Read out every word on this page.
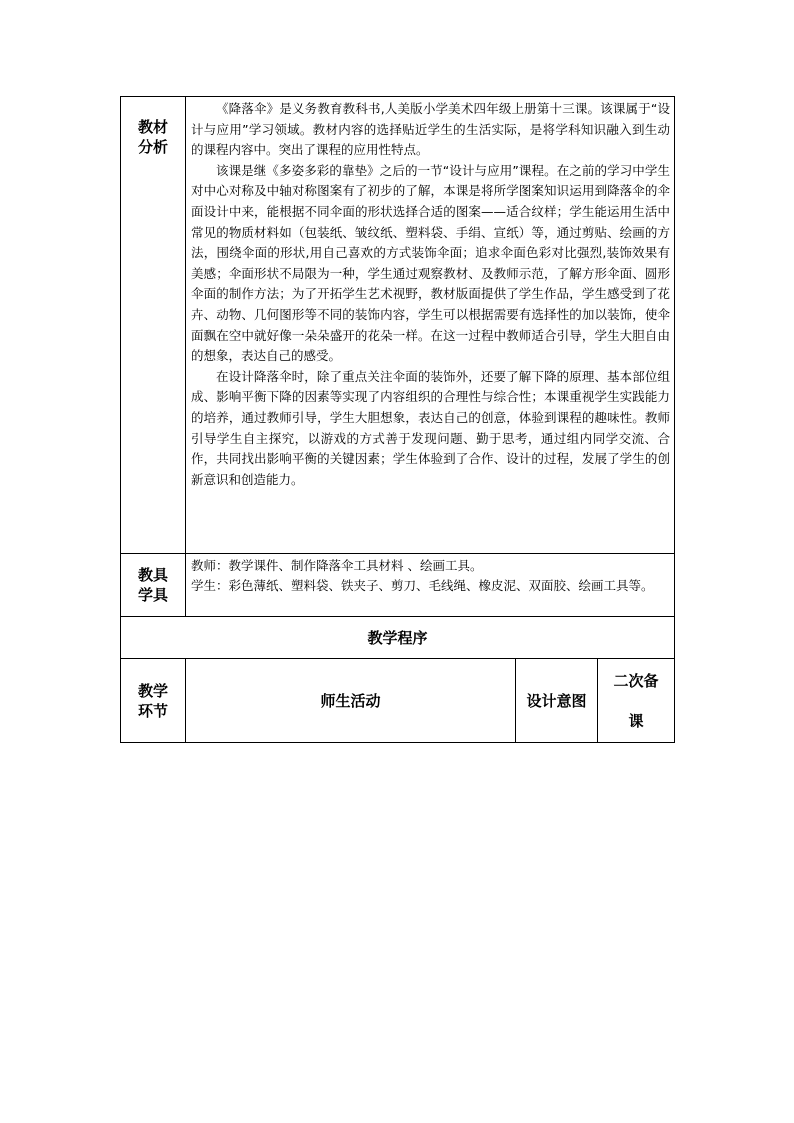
教材分析	《降落伞》是义务教育教科书,人美版小学美术四年级上册第十三课。该课属于“设计与应用”学习领域。教材内容的选择贴近学生的生活实际，是将学科知识融入到生动的课程内容中。突出了课程的应用性特点。

该课是继《多姿多彩的靠垫》之后的一节“设计与应用”课程。在之前的学习中学生对中心对称及中轴对称图案有了初步的了解，本课是将所学图案知识运用到降落伞的伞面设计中来，能根据不同伞面的形状选择合适的图案——适合纹样；学生能运用生活中常见的物质材料如（包装纸、皱纹纸、塑料袋、手绢、宣纸）等，通过剪贴、绘画的方法，围绕伞面的形状,用自己喜欢的方式装饰伞面；追求伞面色彩对比强烈,装饰效果有美感；伞面形状不局限为一种，学生通过观察教材、及教师示范，了解方形伞面、圆形伞面的制作方法；为了开拓学生艺术视野，教材版面提供了学生作品，学生感受到了花卉、动物、几何图形等不同的装饰内容，学生可以根据需要有选择性的加以装饰，使伞面飘在空中就好像一朵朵盛开的花朵一样。在这一过程中教师适合引导，学生大胆自由的想象，表达自己的感受。

在设计降落伞时，除了重点关注伞面的装饰外，还要了解下降的原理、基本部位组成、影响平衡下降的因素等实现了内容组织的合理性与综合性；本课重视学生实践能力的培养，通过教师引导，学生大胆想象，表达自己的创意，体验到课程的趣味性。教师引导学生自主探究，以游戏的方式善于发现问题、勤于思考，通过组内同学交流、合作，共同找出影响平衡的关键因素；学生体验到了合作、设计的过程，发展了学生的创新意识和创造能力。		

教具学具	教师：教学课件、制作降落伞工具材料 、绘画工具。

学生：彩色薄纸、塑料袋、铁夹子、剪刀、毛线绳、橡皮泥、双面胶、绘画工具等。		

教学程序			

教学环节	师生活动	设计意图	二次备课
